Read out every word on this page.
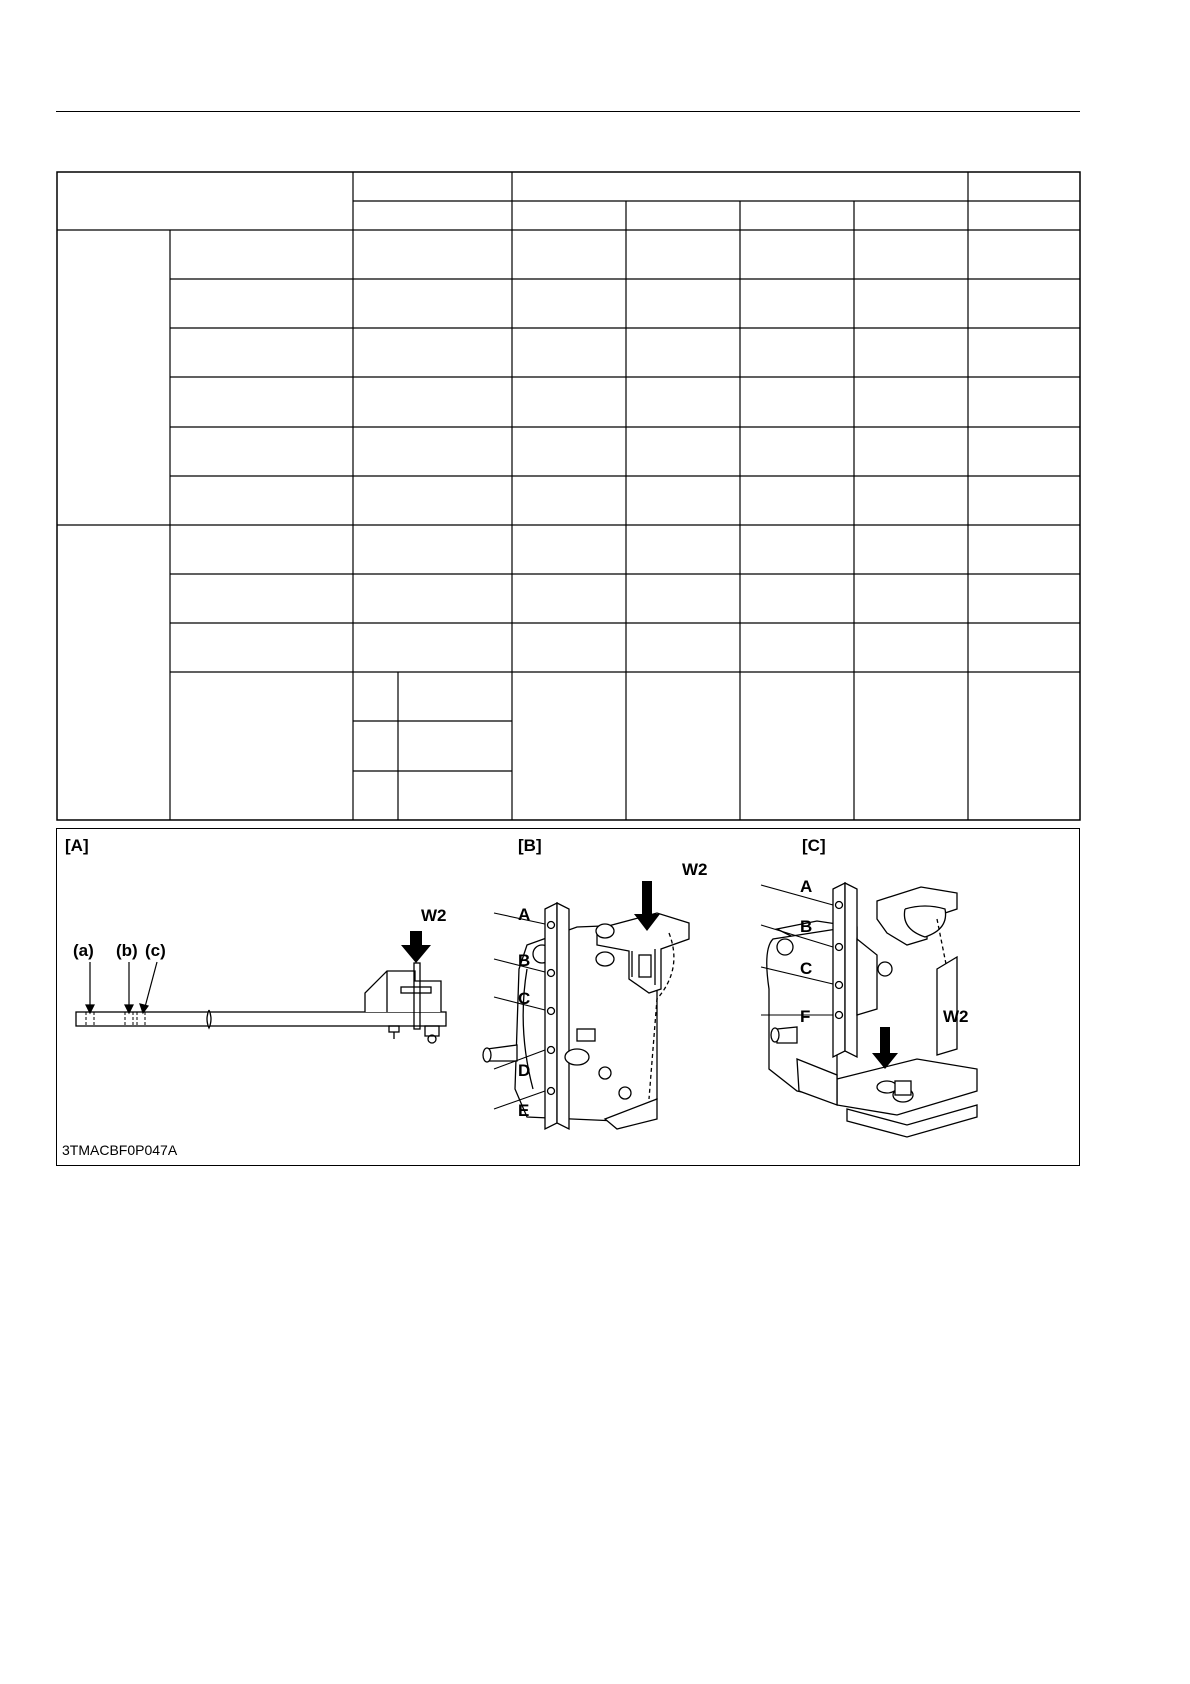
[A]
(a) (b) (c)
W2
[B]
W2
A
B
C
D
E
[C]
A
B
C
F	W2
3TMACBF0P047A
